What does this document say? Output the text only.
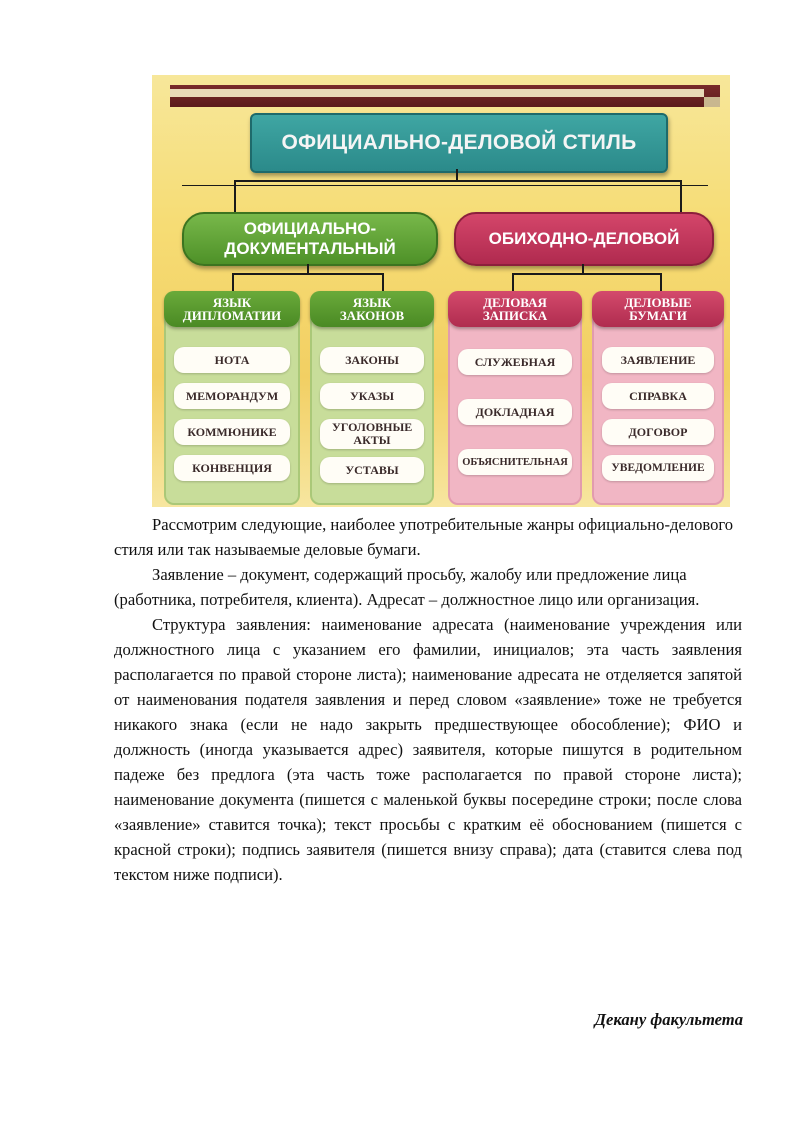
ОФИЦИАЛЬНО-ДЕЛОВОЙ СТИЛЬ
ОФИЦИАЛЬНО-ДОКУМЕНТАЛЬНЫЙ
ОБИХОДНО-ДЕЛОВОЙ
ЯЗЫК ДИПЛОМАТИИ
НОТА
МЕМОРАНДУМ
КОММЮНИКЕ
КОНВЕНЦИЯ
ЯЗЫК ЗАКОНОВ
ЗАКОНЫ
УКАЗЫ
УГОЛОВНЫЕ АКТЫ
УСТАВЫ
ДЕЛОВАЯ ЗАПИСКА
СЛУЖЕБНАЯ
ДОКЛАДНАЯ
ОБЪЯСНИТЕЛЬНАЯ
ДЕЛОВЫЕ БУМАГИ
ЗАЯВЛЕНИЕ
СПРАВКА
ДОГОВОР
УВЕДОМЛЕНИЕ

Рассмотрим следующие, наиболее употребительные жанры официально-делового стиля или так называемые деловые бумаги.

Заявление – документ, содержащий просьбу, жалобу или предложение лица (работника, потребителя, клиента). Адресат – должностное лицо или организация.

Структура заявления: наименование адресата (наименование учреждения или должностного лица с указанием его фамилии, инициалов; эта часть заявления располагается по правой стороне листа); наименование адресата не отделяется запятой от наименования подателя заявления и перед словом «заявление» тоже не требуется никакого знака (если не надо закрыть предшествующее обособление); ФИО и должность (иногда указывается адрес) заявителя, которые пишутся в родительном падеже без предлога (эта часть тоже располагается по правой стороне листа); наименование документа (пишется с маленькой буквы посередине строки; после слова «заявление» ставится точка); текст просьбы с кратким её обоснованием (пишется с красной строки); подпись заявителя (пишется внизу справа); дата (ставится слева под текстом ниже подписи).

Декану факультета
